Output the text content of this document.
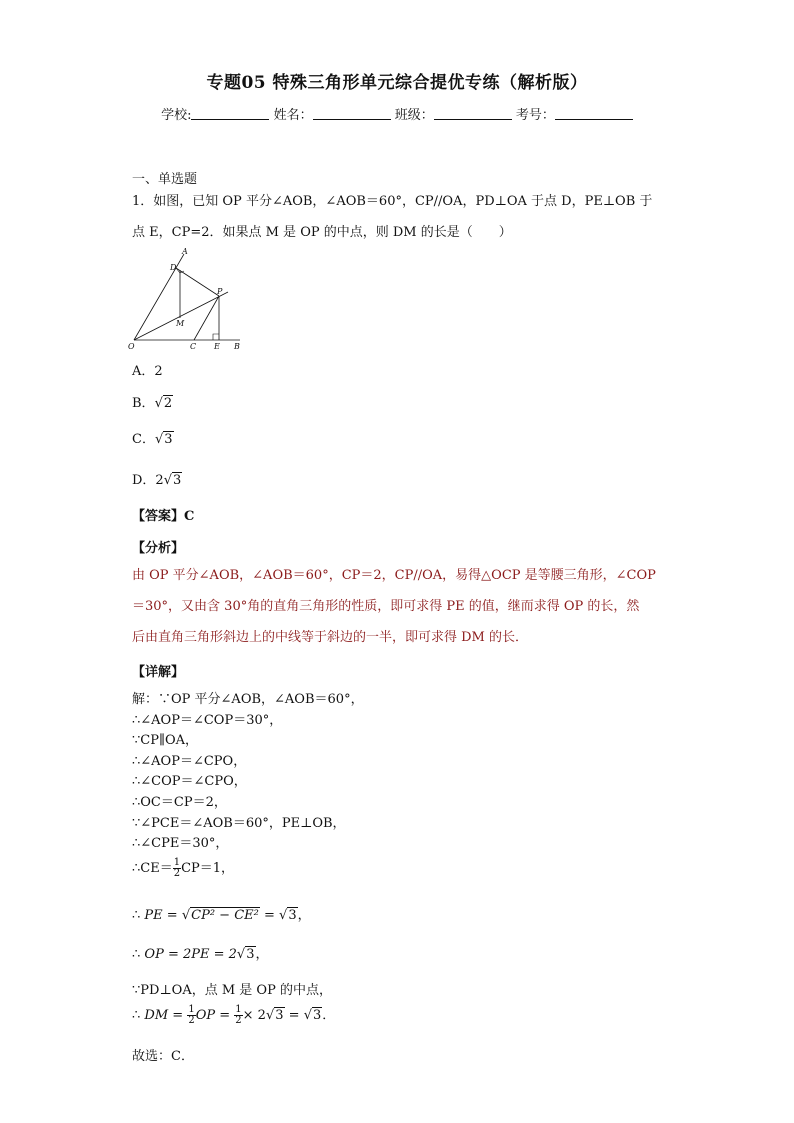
专题05 特殊三角形单元综合提优专练（解析版）
学校:	姓名：	班级：	考号：
一、单选题
1．如图，已知 OP 平分∠AOB，∠AOB＝60°，CP//OA，PD⊥OA 于点 D，PE⊥OB 于
点 E，CP=2．如果点 M 是 OP 的中点，则 DM 的长是（　　）
A
D
P
M
O	C E B
A．2
B．√2
C．√3
D．2√3
【答案】C
【分析】
由 OP 平分∠AOB，∠AOB＝60°，CP＝2，CP//OA，易得△OCP 是等腰三角形，∠COP
＝30°，又由含 30°角的直角三角形的性质，即可求得 PE 的值，继而求得 OP 的长，然
后由直角三角形斜边上的中线等于斜边的一半，即可求得 DM 的长．
【详解】
解：∵OP 平分∠AOB，∠AOB＝60°，
∴∠AOP＝∠COP＝30°，
∵CP∥OA，
∴∠AOP＝∠CPO，
∴∠COP＝∠CPO，
∴OC＝CP＝2，
∵∠PCE＝∠AOB＝60°，PE⊥OB，
∴∠CPE＝30°，
∴CE＝ $\frac{1}{2} CP=1$，
∴ PE = √CP² − CE² = √3，
∴ OP = 2PE = 2√3，
∵PD⊥OA，点 M 是 OP 的中点，
∴ DM = $\frac{1}{2}$ OP = $\frac{1}{2} \times 2√3 = √3$．
故选：C．
